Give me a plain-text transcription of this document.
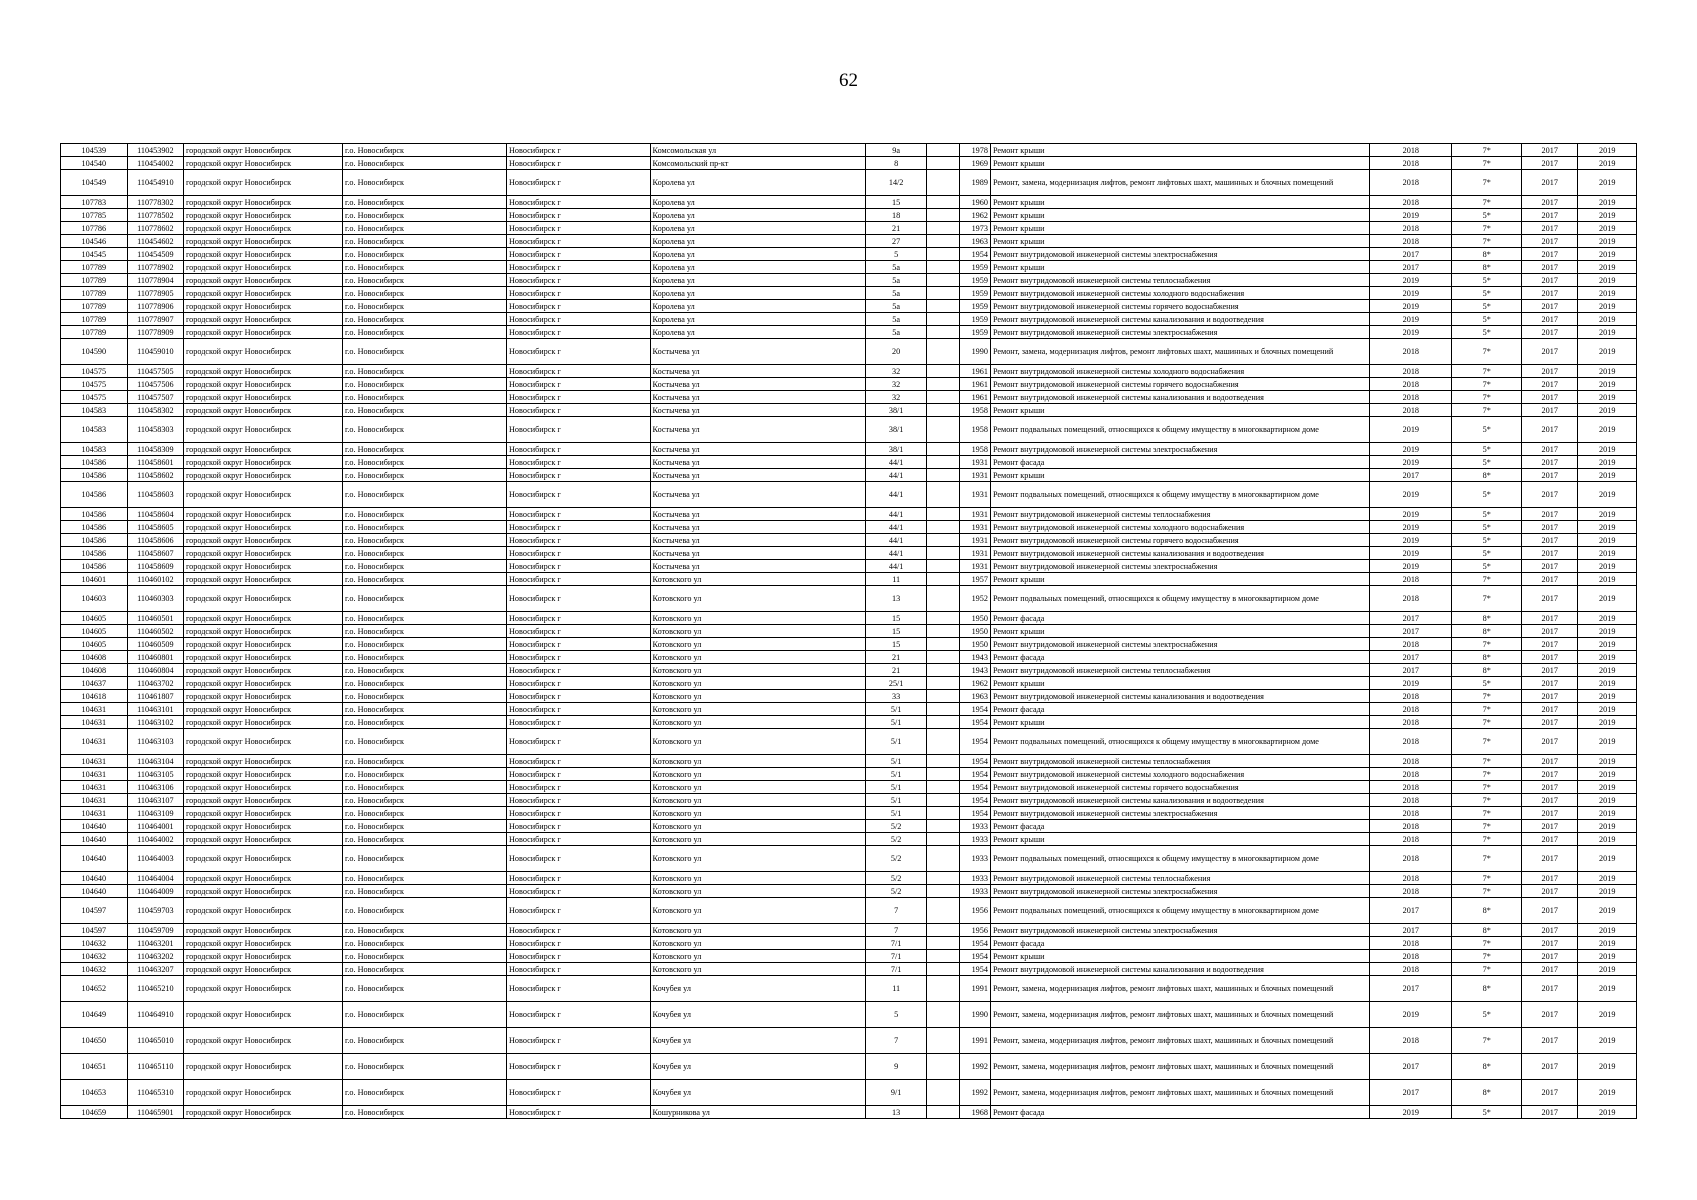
62
104539	110453902	городской округ Новосибирск	г.о. Новосибирск	Новосибирск г	Комсомольская ул	9а		1978	Ремонт крыши	2018	7*	2017	2019
104540	110454002	городской округ Новосибирск	г.о. Новосибирск	Новосибирск г	Комсомольский пр-кт	8		1969	Ремонт крыши	2018	7*	2017	2019
104549	110454910	городской округ Новосибирск	г.о. Новосибирск	Новосибирск г	Королева ул	14/2		1989	Ремонт, замена, модернизация лифтов, ремонт лифтовых шахт, машинных и блочных помещений	2018	7*	2017	2019
107783	110778302	городской округ Новосибирск	г.о. Новосибирск	Новосибирск г	Королева ул	15		1960	Ремонт крыши	2018	7*	2017	2019
107785	110778502	городской округ Новосибирск	г.о. Новосибирск	Новосибирск г	Королева ул	18		1962	Ремонт крыши	2019	5*	2017	2019
107786	110778602	городской округ Новосибирск	г.о. Новосибирск	Новосибирск г	Королева ул	21		1973	Ремонт крыши	2018	7*	2017	2019
104546	110454602	городской округ Новосибирск	г.о. Новосибирск	Новосибирск г	Королева ул	27		1963	Ремонт крыши	2018	7*	2017	2019
104545	110454509	городской округ Новосибирск	г.о. Новосибирск	Новосибирск г	Королева ул	5		1954	Ремонт внутридомовой инженерной системы электроснабжения	2017	8*	2017	2019
107789	110778902	городской округ Новосибирск	г.о. Новосибирск	Новосибирск г	Королева ул	5а		1959	Ремонт крыши	2017	8*	2017	2019
107789	110778904	городской округ Новосибирск	г.о. Новосибирск	Новосибирск г	Королева ул	5а		1959	Ремонт внутридомовой инженерной системы теплоснабжения	2019	5*	2017	2019
107789	110778905	городской округ Новосибирск	г.о. Новосибирск	Новосибирск г	Королева ул	5а		1959	Ремонт внутридомовой инженерной системы холодного водоснабжения	2019	5*	2017	2019
107789	110778906	городской округ Новосибирск	г.о. Новосибирск	Новосибирск г	Королева ул	5а		1959	Ремонт внутридомовой инженерной системы горячего водоснабжения	2019	5*	2017	2019
107789	110778907	городской округ Новосибирск	г.о. Новосибирск	Новосибирск г	Королева ул	5а		1959	Ремонт внутридомовой инженерной системы канализования и водоотведения	2019	5*	2017	2019
107789	110778909	городской округ Новосибирск	г.о. Новосибирск	Новосибирск г	Королева ул	5а		1959	Ремонт внутридомовой инженерной системы электроснабжения	2019	5*	2017	2019
104590	110459010	городской округ Новосибирск	г.о. Новосибирск	Новосибирск г	Костычева ул	20		1990	Ремонт, замена, модернизация лифтов, ремонт лифтовых шахт, машинных и блочных помещений	2018	7*	2017	2019
104575	110457505	городской округ Новосибирск	г.о. Новосибирск	Новосибирск г	Костычева ул	32		1961	Ремонт внутридомовой инженерной системы холодного водоснабжения	2018	7*	2017	2019
104575	110457506	городской округ Новосибирск	г.о. Новосибирск	Новосибирск г	Костычева ул	32		1961	Ремонт внутридомовой инженерной системы горячего водоснабжения	2018	7*	2017	2019
104575	110457507	городской округ Новосибирск	г.о. Новосибирск	Новосибирск г	Костычева ул	32		1961	Ремонт внутридомовой инженерной системы канализования и водоотведения	2018	7*	2017	2019
104583	110458302	городской округ Новосибирск	г.о. Новосибирск	Новосибирск г	Костычева ул	38/1		1958	Ремонт крыши	2018	7*	2017	2019
104583	110458303	городской округ Новосибирск	г.о. Новосибирск	Новосибирск г	Костычева ул	38/1		1958	Ремонт подвальных помещений, относящихся к общему имуществу в многоквартирном доме	2019	5*	2017	2019
104583	110458309	городской округ Новосибирск	г.о. Новосибирск	Новосибирск г	Костычева ул	38/1		1958	Ремонт внутридомовой инженерной системы электроснабжения	2019	5*	2017	2019
104586	110458601	городской округ Новосибирск	г.о. Новосибирск	Новосибирск г	Костычева ул	44/1		1931	Ремонт фасада	2019	5*	2017	2019
104586	110458602	городской округ Новосибирск	г.о. Новосибирск	Новосибирск г	Костычева ул	44/1		1931	Ремонт крыши	2017	8*	2017	2019
104586	110458603	городской округ Новосибирск	г.о. Новосибирск	Новосибирск г	Костычева ул	44/1		1931	Ремонт подвальных помещений, относящихся к общему имуществу в многоквартирном доме	2019	5*	2017	2019
104586	110458604	городской округ Новосибирск	г.о. Новосибирск	Новосибирск г	Костычева ул	44/1		1931	Ремонт внутридомовой инженерной системы теплоснабжения	2019	5*	2017	2019
104586	110458605	городской округ Новосибирск	г.о. Новосибирск	Новосибирск г	Костычева ул	44/1		1931	Ремонт внутридомовой инженерной системы холодного водоснабжения	2019	5*	2017	2019
104586	110458606	городской округ Новосибирск	г.о. Новосибирск	Новосибирск г	Костычева ул	44/1		1931	Ремонт внутридомовой инженерной системы горячего водоснабжения	2019	5*	2017	2019
104586	110458607	городской округ Новосибирск	г.о. Новосибирск	Новосибирск г	Костычева ул	44/1		1931	Ремонт внутридомовой инженерной системы канализования и водоотведения	2019	5*	2017	2019
104586	110458609	городской округ Новосибирск	г.о. Новосибирск	Новосибирск г	Костычева ул	44/1		1931	Ремонт внутридомовой инженерной системы электроснабжения	2019	5*	2017	2019
104601	110460102	городской округ Новосибирск	г.о. Новосибирск	Новосибирск г	Котовского ул	11		1957	Ремонт крыши	2018	7*	2017	2019
104603	110460303	городской округ Новосибирск	г.о. Новосибирск	Новосибирск г	Котовского ул	13		1952	Ремонт подвальных помещений, относящихся к общему имуществу в многоквартирном доме	2018	7*	2017	2019
104605	110460501	городской округ Новосибирск	г.о. Новосибирск	Новосибирск г	Котовского ул	15		1950	Ремонт фасада	2017	8*	2017	2019
104605	110460502	городской округ Новосибирск	г.о. Новосибирск	Новосибирск г	Котовского ул	15		1950	Ремонт крыши	2017	8*	2017	2019
104605	110460509	городской округ Новосибирск	г.о. Новосибирск	Новосибирск г	Котовского ул	15		1950	Ремонт внутридомовой инженерной системы электроснабжения	2018	7*	2017	2019
104608	110460801	городской округ Новосибирск	г.о. Новосибирск	Новосибирск г	Котовского ул	21		1943	Ремонт фасада	2017	8*	2017	2019
104608	110460804	городской округ Новосибирск	г.о. Новосибирск	Новосибирск г	Котовского ул	21		1943	Ремонт внутридомовой инженерной системы теплоснабжения	2017	8*	2017	2019
104637	110463702	городской округ Новосибирск	г.о. Новосибирск	Новосибирск г	Котовского ул	25/1		1962	Ремонт крыши	2019	5*	2017	2019
104618	110461807	городской округ Новосибирск	г.о. Новосибирск	Новосибирск г	Котовского ул	33		1963	Ремонт внутридомовой инженерной системы канализования и водоотведения	2018	7*	2017	2019
104631	110463101	городской округ Новосибирск	г.о. Новосибирск	Новосибирск г	Котовского ул	5/1		1954	Ремонт фасада	2018	7*	2017	2019
104631	110463102	городской округ Новосибирск	г.о. Новосибирск	Новосибирск г	Котовского ул	5/1		1954	Ремонт крыши	2018	7*	2017	2019
104631	110463103	городской округ Новосибирск	г.о. Новосибирск	Новосибирск г	Котовского ул	5/1		1954	Ремонт подвальных помещений, относящихся к общему имуществу в многоквартирном доме	2018	7*	2017	2019
104631	110463104	городской округ Новосибирск	г.о. Новосибирск	Новосибирск г	Котовского ул	5/1		1954	Ремонт внутридомовой инженерной системы теплоснабжения	2018	7*	2017	2019
104631	110463105	городской округ Новосибирск	г.о. Новосибирск	Новосибирск г	Котовского ул	5/1		1954	Ремонт внутридомовой инженерной системы холодного водоснабжения	2018	7*	2017	2019
104631	110463106	городской округ Новосибирск	г.о. Новосибирск	Новосибирск г	Котовского ул	5/1		1954	Ремонт внутридомовой инженерной системы горячего водоснабжения	2018	7*	2017	2019
104631	110463107	городской округ Новосибирск	г.о. Новосибирск	Новосибирск г	Котовского ул	5/1		1954	Ремонт внутридомовой инженерной системы канализования и водоотведения	2018	7*	2017	2019
104631	110463109	городской округ Новосибирск	г.о. Новосибирск	Новосибирск г	Котовского ул	5/1		1954	Ремонт внутридомовой инженерной системы электроснабжения	2018	7*	2017	2019
104640	110464001	городской округ Новосибирск	г.о. Новосибирск	Новосибирск г	Котовского ул	5/2		1933	Ремонт фасада	2018	7*	2017	2019
104640	110464002	городской округ Новосибирск	г.о. Новосибирск	Новосибирск г	Котовского ул	5/2		1933	Ремонт крыши	2018	7*	2017	2019
104640	110464003	городской округ Новосибирск	г.о. Новосибирск	Новосибирск г	Котовского ул	5/2		1933	Ремонт подвальных помещений, относящихся к общему имуществу в многоквартирном доме	2018	7*	2017	2019
104640	110464004	городской округ Новосибирск	г.о. Новосибирск	Новосибирск г	Котовского ул	5/2		1933	Ремонт внутридомовой инженерной системы теплоснабжения	2018	7*	2017	2019
104640	110464009	городской округ Новосибирск	г.о. Новосибирск	Новосибирск г	Котовского ул	5/2		1933	Ремонт внутридомовой инженерной системы электроснабжения	2018	7*	2017	2019
104597	110459703	городской округ Новосибирск	г.о. Новосибирск	Новосибирск г	Котовского ул	7		1956	Ремонт подвальных помещений, относящихся к общему имуществу в многоквартирном доме	2017	8*	2017	2019
104597	110459709	городской округ Новосибирск	г.о. Новосибирск	Новосибирск г	Котовского ул	7		1956	Ремонт внутридомовой инженерной системы электроснабжения	2017	8*	2017	2019
104632	110463201	городской округ Новосибирск	г.о. Новосибирск	Новосибирск г	Котовского ул	7/1		1954	Ремонт фасада	2018	7*	2017	2019
104632	110463202	городской округ Новосибирск	г.о. Новосибирск	Новосибирск г	Котовского ул	7/1		1954	Ремонт крыши	2018	7*	2017	2019
104632	110463207	городской округ Новосибирск	г.о. Новосибирск	Новосибирск г	Котовского ул	7/1		1954	Ремонт внутридомовой инженерной системы канализования и водоотведения	2018	7*	2017	2019
104652	110465210	городской округ Новосибирск	г.о. Новосибирск	Новосибирск г	Кочубея ул	11		1991	Ремонт, замена, модернизация лифтов, ремонт лифтовых шахт, машинных и блочных помещений	2017	8*	2017	2019
104649	110464910	городской округ Новосибирск	г.о. Новосибирск	Новосибирск г	Кочубея ул	5		1990	Ремонт, замена, модернизация лифтов, ремонт лифтовых шахт, машинных и блочных помещений	2019	5*	2017	2019
104650	110465010	городской округ Новосибирск	г.о. Новосибирск	Новосибирск г	Кочубея ул	7		1991	Ремонт, замена, модернизация лифтов, ремонт лифтовых шахт, машинных и блочных помещений	2018	7*	2017	2019
104651	110465110	городской округ Новосибирск	г.о. Новосибирск	Новосибирск г	Кочубея ул	9		1992	Ремонт, замена, модернизация лифтов, ремонт лифтовых шахт, машинных и блочных помещений	2017	8*	2017	2019
104653	110465310	городской округ Новосибирск	г.о. Новосибирск	Новосибирск г	Кочубея ул	9/1		1992	Ремонт, замена, модернизация лифтов, ремонт лифтовых шахт, машинных и блочных помещений	2017	8*	2017	2019
104659	110465901	городской округ Новосибирск	г.о. Новосибирск	Новосибирск г	Кошурникова ул	13		1968	Ремонт фасада	2019	5*	2017	2019
